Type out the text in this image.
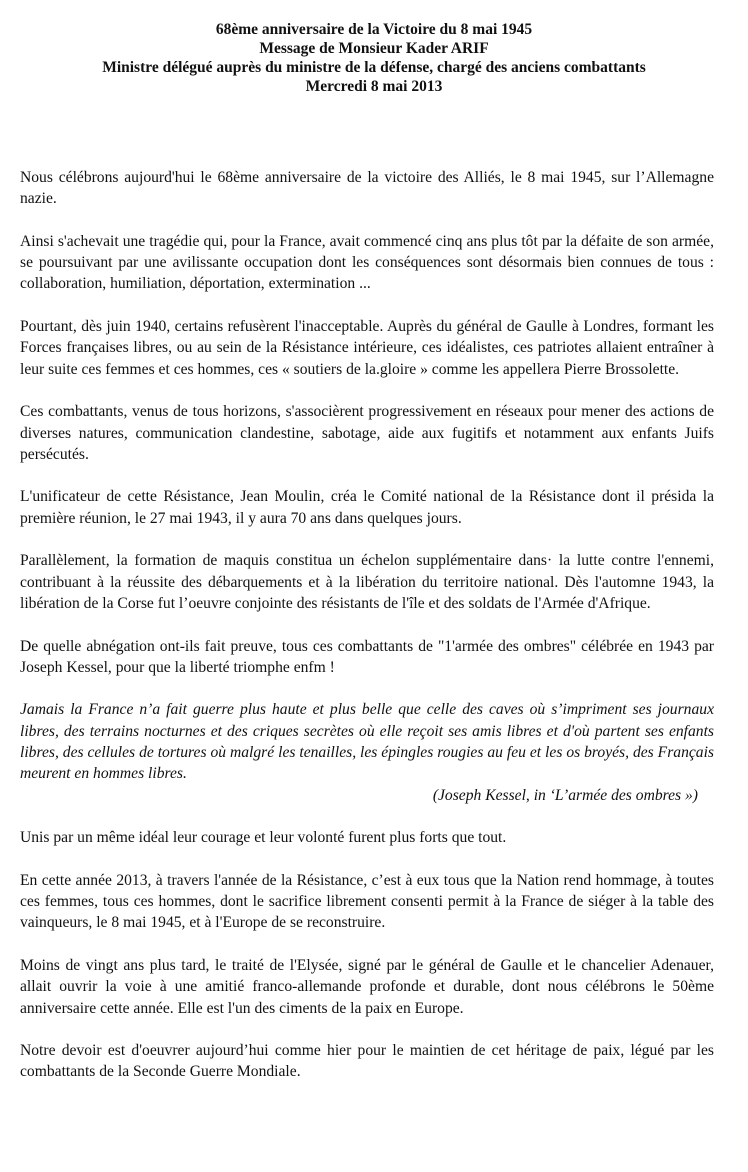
68ème anniversaire de la Victoire du 8 mai 1945
Message de Monsieur Kader ARIF
Ministre délégué auprès du ministre de la défense, chargé des anciens combattants
Mercredi 8 mai 2013

Nous célébrons aujourd'hui le 68ème anniversaire de la victoire des Alliés, le 8 mai 1945, sur l’Allemagne nazie.

Ainsi s'achevait une tragédie qui, pour la France, avait commencé cinq ans plus tôt par la défaite de son armée, se poursuivant par une avilissante occupation dont les conséquences sont désormais bien connues de tous : collaboration, humiliation, déportation, extermination ...

Pourtant, dès juin 1940, certains refusèrent l'inacceptable. Auprès du général de Gaulle à Londres, formant les Forces françaises libres, ou au sein de la Résistance intérieure, ces idéalistes, ces patriotes allaient entraîner à leur suite ces femmes et ces hommes, ces « soutiers de la.gloire » comme les appellera Pierre Brossolette.

Ces combattants, venus de tous horizons, s'associèrent progressivement en réseaux pour mener des actions de diverses natures, communication clandestine, sabotage, aide aux fugitifs et notamment aux enfants Juifs persécutés.

L'unificateur de cette Résistance, Jean Moulin, créa le Comité national de la Résistance dont il présida la première réunion, le 27 mai 1943, il y aura 70 ans dans quelques jours.

Parallèlement, la formation de maquis constitua un échelon supplémentaire dans· la lutte contre l'ennemi, contribuant à la réussite des débarquements et à la libération du territoire national. Dès l'automne 1943, la libération de la Corse fut l’oeuvre conjointe des résistants de l'île et des soldats de l'Armée d'Afrique.

De quelle abnégation ont-ils fait preuve, tous ces combattants de "1'armée des ombres" célébrée en 1943 par Joseph Kessel, pour que la liberté triomphe enfm !

Jamais la France n’a fait guerre plus haute et plus belle que celle des caves où s’impriment ses journaux libres, des terrains nocturnes et des criques secrètes où elle reçoit ses amis libres et d'où partent ses enfants libres, des cellules de tortures où malgré les tenailles, les épingles rougies au feu et les os broyés, des Français meurent en hommes libres.

(Joseph Kessel, in ‘L’armée des ombres »)

Unis par un même idéal leur courage et leur volonté furent plus forts que tout.

En cette année 2013, à travers l'année de la Résistance, c’est à eux tous que la Nation rend hommage, à toutes ces femmes, tous ces hommes, dont le sacrifice librement consenti permit à la France de siéger à la table des vainqueurs, le 8 mai 1945, et à l'Europe de se reconstruire.

Moins de vingt ans plus tard, le traité de l'Elysée, signé par le général de Gaulle et le chancelier Adenauer, allait ouvrir la voie à une amitié franco-allemande profonde et durable, dont nous célébrons le 50ème anniversaire cette année. Elle est l'un des ciments de la paix en Europe.

Notre devoir est d'oeuvrer aujourd’hui comme hier pour le maintien de cet héritage de paix, légué par les combattants de la Seconde Guerre Mondiale.
